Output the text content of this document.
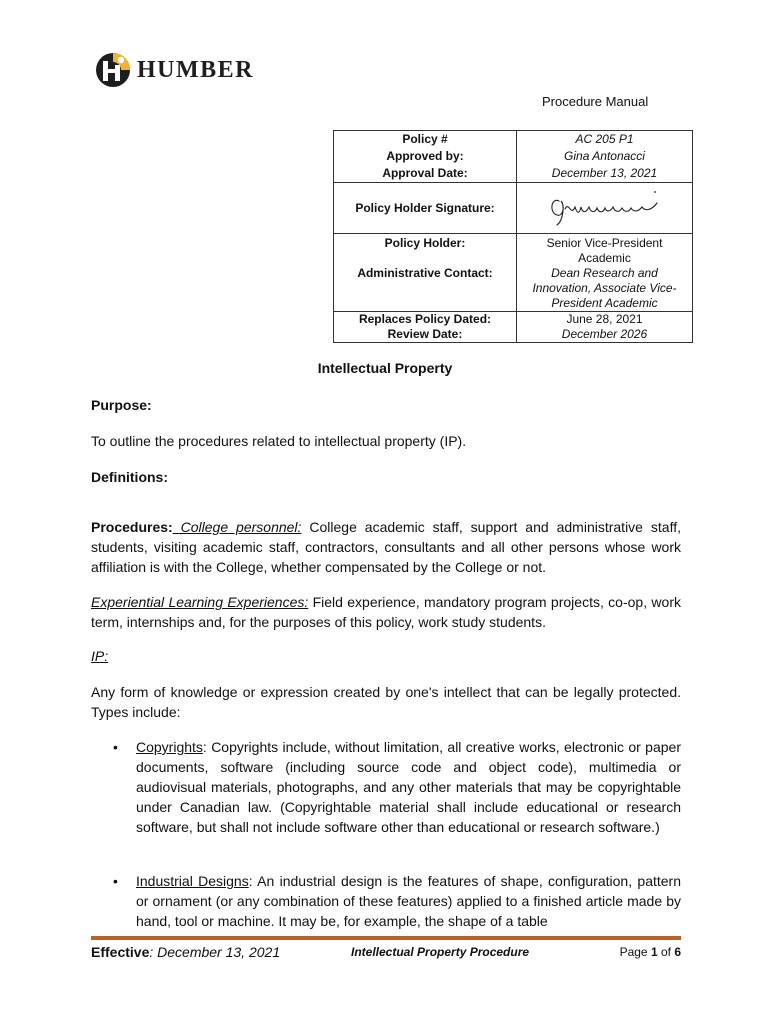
HUMBER
Procedure Manual
Policy #	AC 205 P1
Approved by:	Gina Antonacci
Approval Date:	December 13, 2021
Policy Holder Signature:	
Policy Holder:	Senior Vice-President Academic
Administrative Contact:	Dean Research and Innovation, Associate Vice-President Academic
Replaces Policy Dated:	June 28, 2021
Review Date:	December 2026
Intellectual Property

Purpose:

To outline the procedures related to intellectual property (IP).

Definitions:

Procedures: College personnel: College academic staff, support and administrative staff, students, visiting academic staff, contractors, consultants and all other persons whose work affiliation is with the College, whether compensated by the College or not.

Experiential Learning Experiences: Field experience, mandatory program projects, co-op, work term, internships and, for the purposes of this policy, work study students.

IP:

Any form of knowledge or expression created by one's intellect that can be legally protected. Types include:

• Copyrights: Copyrights include, without limitation, all creative works, electronic or paper documents, software (including source code and object code), multimedia or audiovisual materials, photographs, and any other materials that may be copyrightable under Canadian law. (Copyrightable material shall include educational or research software, but shall not include software other than educational or research software.)
• Industrial Designs: An industrial design is the features of shape, configuration, pattern or ornament (or any combination of these features) applied to a finished article made by hand, tool or machine. It may be, for example, the shape of a table
Effective: December 13, 2021	Intellectual Property Procedure	Page 1 of 6
